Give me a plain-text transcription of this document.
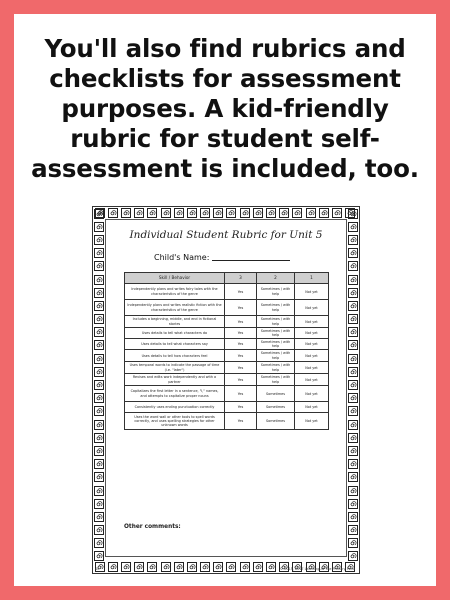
You'll also find rubrics and checklists for assessment purposes. A kid-friendly rubric for student self-assessment is included, too.
Individual Student Rubric for Unit 5
Child's Name:
Skill / Behavior	3	2	1
Independently plans and writes fairy tales with the characteristics of the genre	Yes	Sometimes / with help	Not yet
Independently plans and writes realistic fiction with the characteristics of the genre	Yes	Sometimes / with help	Not yet
Includes a beginning, middle, and end in fictional stories	Yes	Sometimes / with help	Not yet
Uses details to tell what characters do	Yes	Sometimes / with help	Not yet
Uses details to tell what characters say	Yes	Sometimes / with help	Not yet
Uses details to tell how characters feel	Yes	Sometimes / with help	Not yet
Uses temporal words to indicate the passage of time (i.e. "later")	Yes	Sometimes / with help	Not yet
Revises and edits work independently and with a partner	Yes	Sometimes / with help	Not yet
Capitalizes the first letter in a sentence, "I," names, and attempts to capitalize proper nouns	Yes	Sometimes	Not yet
Consistently uses ending punctuation correctly	Yes	Sometimes	Not yet
Uses the word wall or other tools to spell words correctly, and uses spelling strategies for other unknown words	Yes	Sometimes	Not yet
Other comments:
40	© 2015, 2017 Learning At The Primary Pond
